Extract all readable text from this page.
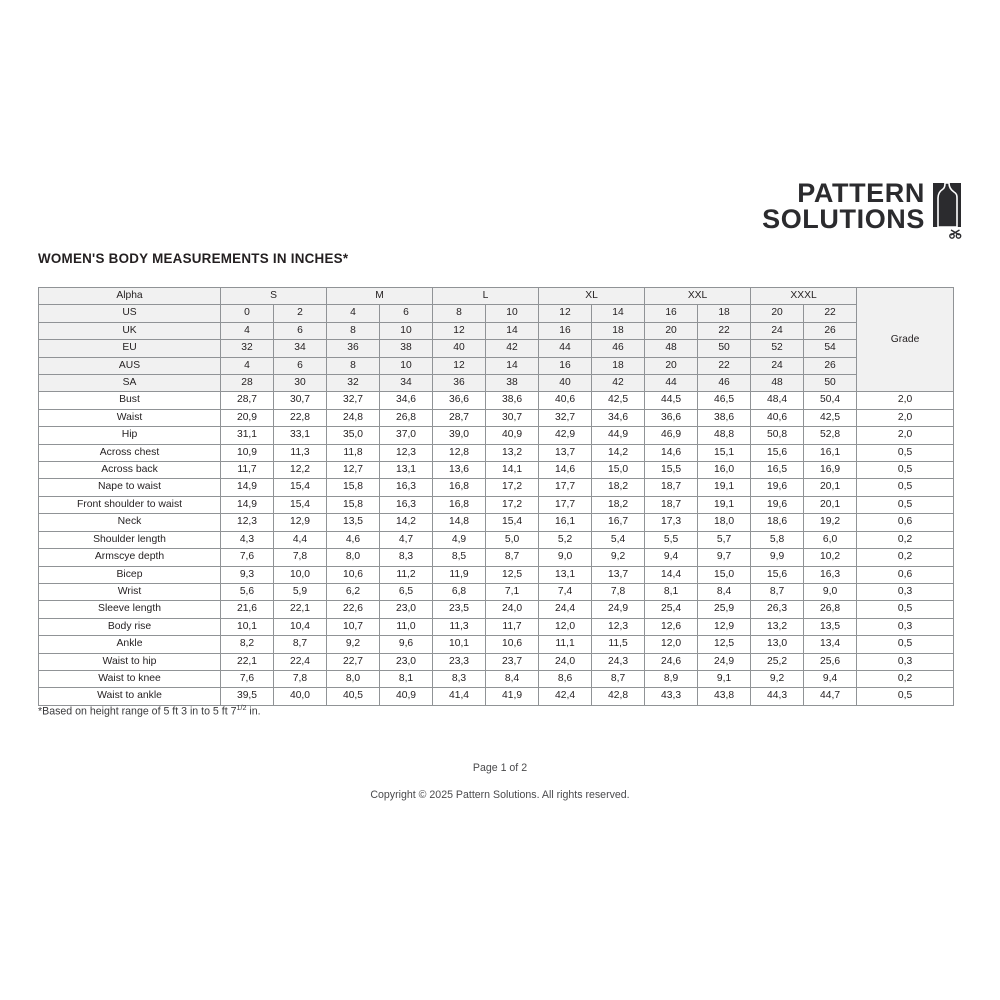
PATTERN
SOLUTIONS
WOMEN'S BODY MEASUREMENTS IN INCHES*
Alpha	S		M		L		XL		XXL		XXXL		Grade
US	0	2	4	6	8	10	12	14	16	18	20	22	
UK	4	6	8	10	12	14	16	18	20	22	24	26	
EU	32	34	36	38	40	42	44	46	48	50	52	54	
AUS	4	6	8	10	12	14	16	18	20	22	24	26	
SA	28	30	32	34	36	38	40	42	44	46	48	50	
Bust	28,7	30,7	32,7	34,6	36,6	38,6	40,6	42,5	44,5	46,5	48,4	50,4	2,0
Waist	20,9	22,8	24,8	26,8	28,7	30,7	32,7	34,6	36,6	38,6	40,6	42,5	2,0
Hip	31,1	33,1	35,0	37,0	39,0	40,9	42,9	44,9	46,9	48,8	50,8	52,8	2,0
Across chest	10,9	11,3	11,8	12,3	12,8	13,2	13,7	14,2	14,6	15,1	15,6	16,1	0,5
Across back	11,7	12,2	12,7	13,1	13,6	14,1	14,6	15,0	15,5	16,0	16,5	16,9	0,5
Nape to waist	14,9	15,4	15,8	16,3	16,8	17,2	17,7	18,2	18,7	19,1	19,6	20,1	0,5
Front shoulder to waist	14,9	15,4	15,8	16,3	16,8	17,2	17,7	18,2	18,7	19,1	19,6	20,1	0,5
Neck	12,3	12,9	13,5	14,2	14,8	15,4	16,1	16,7	17,3	18,0	18,6	19,2	0,6
Shoulder length	4,3	4,4	4,6	4,7	4,9	5,0	5,2	5,4	5,5	5,7	5,8	6,0	0,2
Armscye depth	7,6	7,8	8,0	8,3	8,5	8,7	9,0	9,2	9,4	9,7	9,9	10,2	0,2
Bicep	9,3	10,0	10,6	11,2	11,9	12,5	13,1	13,7	14,4	15,0	15,6	16,3	0,6
Wrist	5,6	5,9	6,2	6,5	6,8	7,1	7,4	7,8	8,1	8,4	8,7	9,0	0,3
Sleeve length	21,6	22,1	22,6	23,0	23,5	24,0	24,4	24,9	25,4	25,9	26,3	26,8	0,5
Body rise	10,1	10,4	10,7	11,0	11,3	11,7	12,0	12,3	12,6	12,9	13,2	13,5	0,3
Ankle	8,2	8,7	9,2	9,6	10,1	10,6	11,1	11,5	12,0	12,5	13,0	13,4	0,5
Waist to hip	22,1	22,4	22,7	23,0	23,3	23,7	24,0	24,3	24,6	24,9	25,2	25,6	0,3
Waist to knee	7,6	7,8	8,0	8,1	8,3	8,4	8,6	8,7	8,9	9,1	9,2	9,4	0,2
Waist to ankle	39,5	40,0	40,5	40,9	41,4	41,9	42,4	42,8	43,3	43,8	44,3	44,7	0,5
*Based on height range of 5 ft 3 in to 5 ft $7^{1/2}$ in.
Page 1 of 2
Copyright © 2025 Pattern Solutions. All rights reserved.
